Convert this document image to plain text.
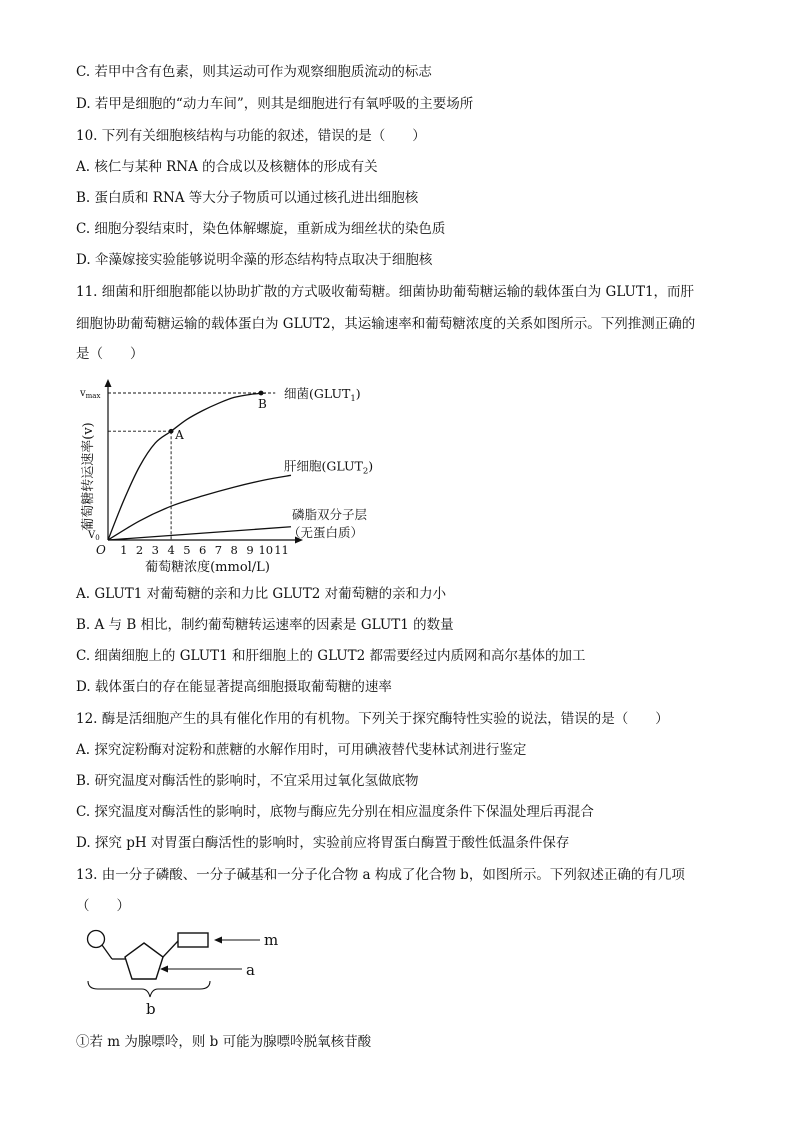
C. 若甲中含有色素，则其运动可作为观察细胞质流动的标志
D. 若甲是细胞的“动力车间”，则其是细胞进行有氧呼吸的主要场所
10. 下列有关细胞核结构与功能的叙述，错误的是（　　）
A. 核仁与某种 RNA 的合成以及核糖体的形成有关
B. 蛋白质和 RNA 等大分子物质可以通过核孔进出细胞核
C. 细胞分裂结束时，染色体解螺旋，重新成为细丝状的染色质
D. 伞藻嫁接实验能够说明伞藻的形态结构特点取决于细胞核
11. 细菌和肝细胞都能以协助扩散的方式吸收葡萄糖。细菌协助葡萄糖运输的载体蛋白为 GLUT1，而肝
细胞协助葡萄糖运输的载体蛋白为 GLUT2，其运输速率和葡萄糖浓度的关系如图所示。下列推测正确的
是（　　）
O 1 2 3 4 5 6 7 8 9 10 11
葡萄糖浓度(mmol/L)
葡萄糖转运速率(v)
$v_{max}$
$V_0$
细菌$(GLUT_1)$
肝细胞$(GLUT_2)$
磷脂双分子层
（无蛋白质）
A
B
A. GLUT1 对葡萄糖的亲和力比 GLUT2 对葡萄糖的亲和力小
B. A 与 B 相比，制约葡萄糖转运速率的因素是 GLUT1 的数量
C. 细菌细胞上的 GLUT1 和肝细胞上的 GLUT2 都需要经过内质网和高尔基体的加工
D. 载体蛋白的存在能显著提高细胞摄取葡萄糖的速率
12. 酶是活细胞产生的具有催化作用的有机物。下列关于探究酶特性实验的说法，错误的是（　　）
A. 探究淀粉酶对淀粉和蔗糖的水解作用时，可用碘液替代斐林试剂进行鉴定
B. 研究温度对酶活性的影响时，不宜采用过氧化氢做底物
C. 探究温度对酶活性的影响时，底物与酶应先分别在相应温度条件下保温处理后再混合
D. 探究 pH 对胃蛋白酶活性的影响时，实验前应将胃蛋白酶置于酸性低温条件保存
13. 由一分子磷酸、一分子碱基和一分子化合物 a 构成了化合物 b，如图所示。下列叙述正确的有几项
（　　）
m
a
b
①若 m 为腺嘌呤，则 b 可能为腺嘌呤脱氧核苷酸
